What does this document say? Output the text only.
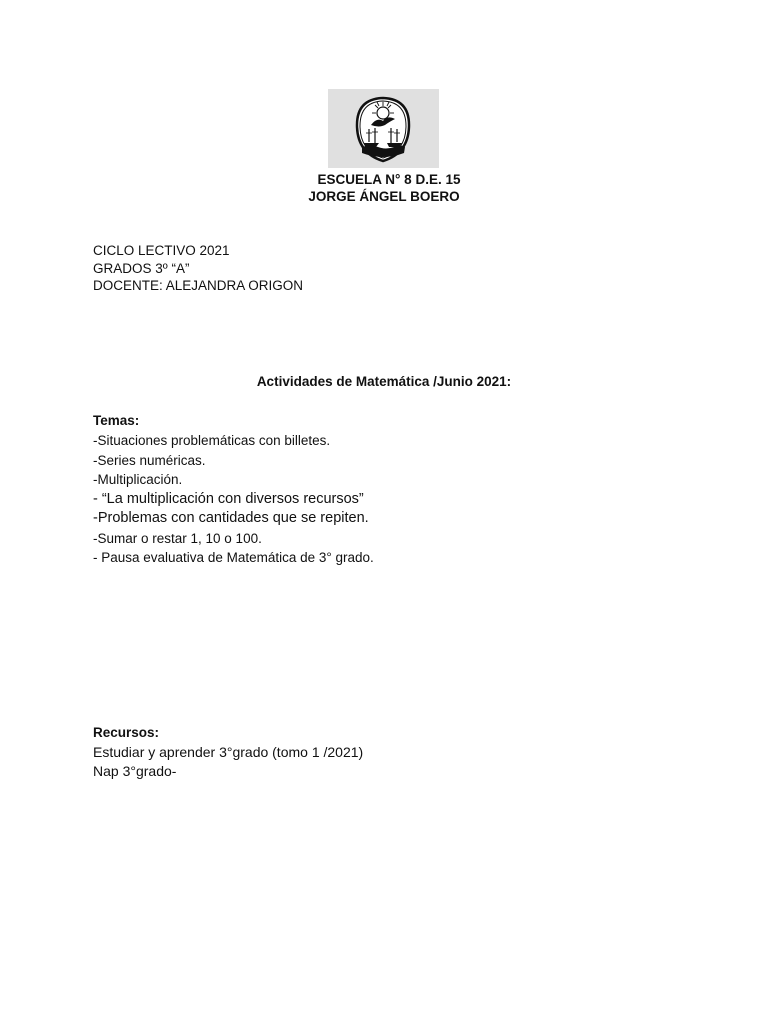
ESCUELA N° 8 D.E. 15
JORGE ÁNGEL BOERO
CICLO LECTIVO 2021
GRADOS 3º “A”
DOCENTE: ALEJANDRA ORIGON
Actividades de Matemática /Junio 2021:
Temas:
-Situaciones problemáticas con billetes.
-Series numéricas.
-Multiplicación.
- “La multiplicación con diversos recursos”
-Problemas con cantidades que se repiten.
-Sumar o restar 1, 10 o 100.
- Pausa evaluativa de Matemática de 3° grado.
Recursos:
Estudiar y aprender 3°grado (tomo 1 /2021)
Nap 3°grado-
